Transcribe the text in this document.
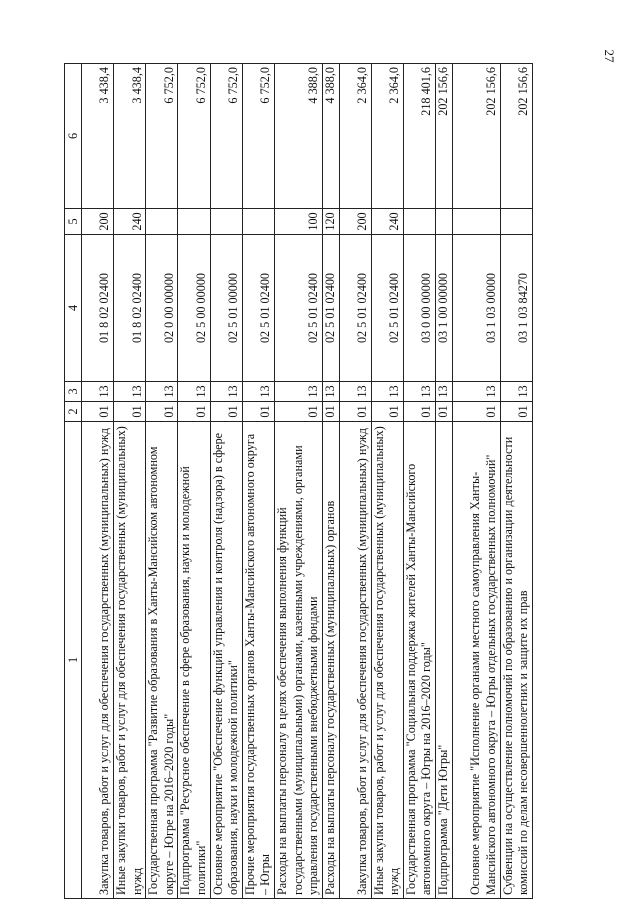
27
1	2	3	4	5	6
Закупка товаров, работ и услуг для обеспечения государственных (муниципальных) нужд	01	13	01 8 02 02400	200	3 438,4
Иные закупки товаров, работ и услуг для обеспечения государственных (муниципальных) нужд	01	13	01 8 02 02400	240	3 438,4
Государственная программа "Развитие образования в Ханты-Мансийском автономном округе – Югре на 2016–2020 годы"	01	13	02 0 00 00000		6 752,0
Подпрограмма "Ресурсное обеспечение в сфере образования, науки и молодежной политики"	01	13	02 5 00 00000		6 752,0
Основное мероприятие "Обеспечение функций управления и контроля (надзора) в сфере образования, науки и молодежной политики"	01	13	02 5 01 00000		6 752,0
Прочие мероприятия государственных органов Ханты-Мансийского автономного округа – Югры	01	13	02 5 01 02400		6 752,0
Расходы на выплаты персоналу в целях обеспечения выполнения функций государственными (муниципальными) органами, казенными учреждениями, органами управления государственными внебюджетными фондами	01	13	02 5 01 02400	100	4 388,0
Расходы на выплаты персоналу государственных (муниципальных) органов	01	13	02 5 01 02400	120	4 388,0
Закупка товаров, работ и услуг для обеспечения государственных (муниципальных) нужд	01	13	02 5 01 02400	200	2 364,0
Иные закупки товаров, работ и услуг для обеспечения государственных (муниципальных) нужд	01	13	02 5 01 02400	240	2 364,0
Государственная программа "Социальная поддержка жителей Ханты-Мансийского автономного округа – Югры на 2016–2020 годы"	01	13	03 0 00 00000		218 401,6
Подпрограмма "Дети Югры"	01	13	03 1 00 00000		202 156,6
Основное мероприятие "Исполнение органами местного самоуправления Ханты-Мансийского автономного округа – Югры отдельных государственных полномочий"	01	13	03 1 03 00000		202 156,6
Субвенции на осуществление полномочий по образованию и организации деятельности комиссий по делам несовершеннолетних и защите их прав	01	13	03 1 03 84270		202 156,6
